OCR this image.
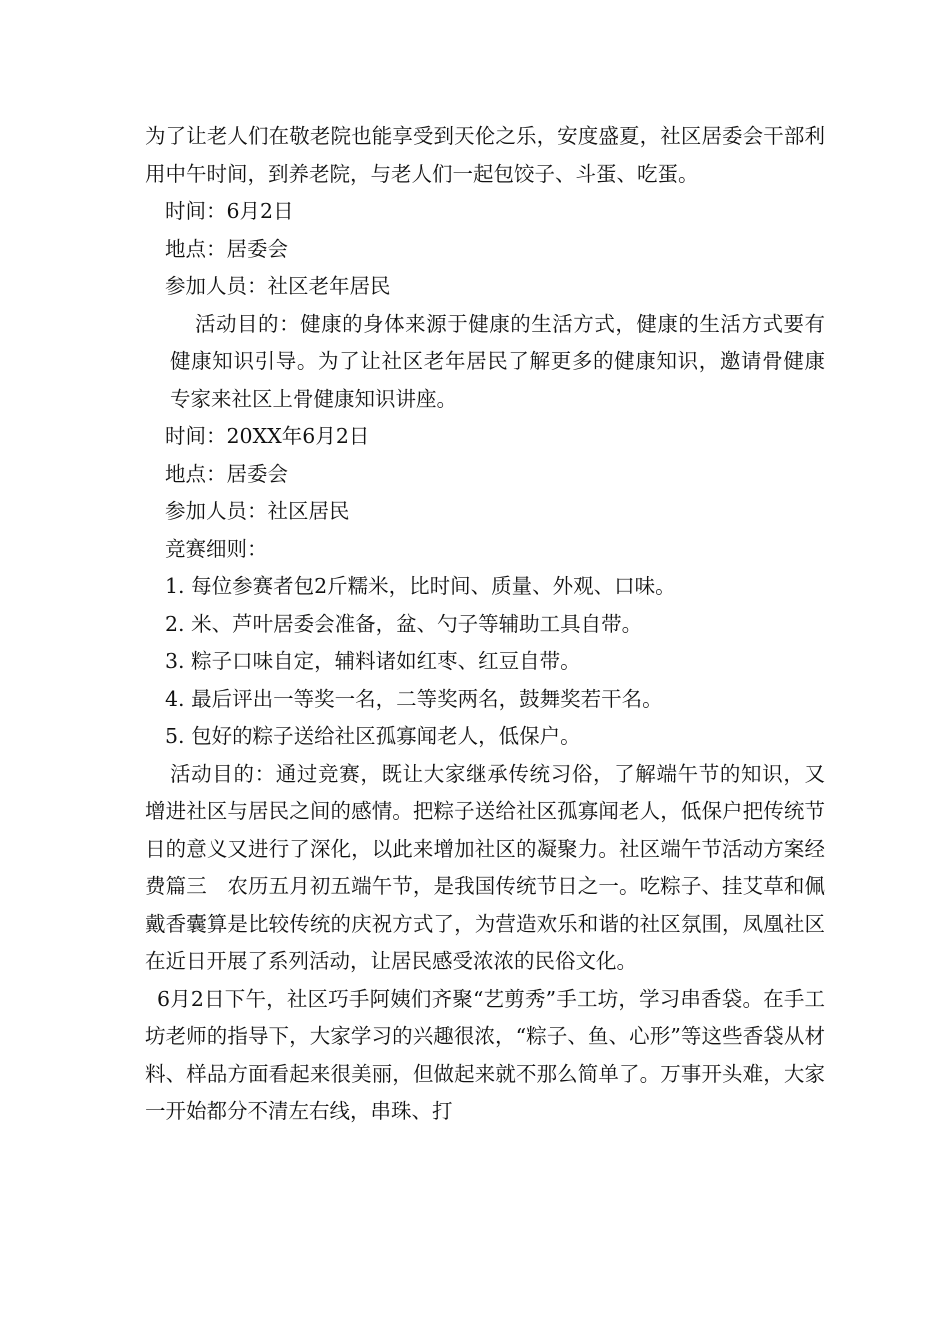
为了让老人们在敬老院也能享受到天伦之乐，安度盛夏，社区居委会干部利用中午时间，到养老院，与老人们一起包饺子、斗蛋、吃蛋。

时间：6月2日

地点：居委会

参加人员：社区老年居民

活动目的：健康的身体来源于健康的生活方式，健康的生活方式要有健康知识引导。为了让社区老年居民了解更多的健康知识，邀请骨健康专家来社区上骨健康知识讲座。

时间：20XX年6月2日

地点：居委会

参加人员：社区居民

竞赛细则：

1. 每位参赛者包2斤糯米，比时间、质量、外观、口味。

2. 米、芦叶居委会准备，盆、勺子等辅助工具自带。

3. 粽子口味自定，辅料诸如红枣、红豆自带。

4. 最后评出一等奖一名，二等奖两名，鼓舞奖若干名。

5. 包好的粽子送给社区孤寡闻老人，低保户。

活动目的：通过竞赛，既让大家继承传统习俗，了解端午节的知识，又增进社区与居民之间的感情。把粽子送给社区孤寡闻老人，低保户把传统节日的意义又进行了深化，以此来增加社区的凝聚力。社区端午节活动方案经费篇三　农历五月初五端午节，是我国传统节日之一。吃粽子、挂艾草和佩戴香囊算是比较传统的庆祝方式了，为营造欢乐和谐的社区氛围，凤凰社区在近日开展了系列活动，让居民感受浓浓的民俗文化。

6月2日下午，社区巧手阿姨们齐聚“艺剪秀”手工坊，学习串香袋。在手工坊老师的指导下，大家学习的兴趣很浓，“粽子、鱼、心形”等这些香袋从材料、样品方面看起来很美丽，但做起来就不那么简单了。万事开头难，大家一开始都分不清左右线，串珠、打
